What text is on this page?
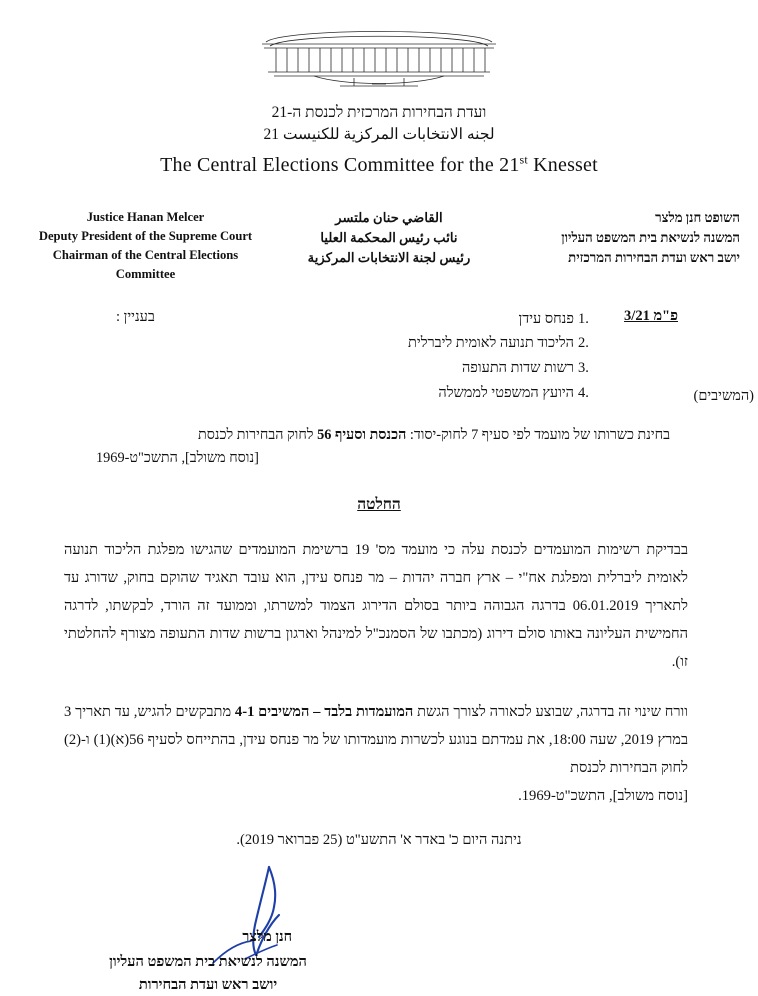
ועדת הבחירות המרכזית לכנסת ה-21
لجنه الانتخابات المركزية للكنيست 21
The Central Elections Committee for the 21st Knesset
השופט חנן מלצר
המשנה לנשיאת בית המשפט העליון
יושב ראש ועדת הבחירות המרכזית
القاضي حنان ملتسر
نائب رئيس المحكمة العليا
رئيس لجنة الانتخابات المركزية
Justice Hanan Melcer
Deputy President of the Supreme Court
Chairman of the Central Elections
Committee
פ"מ 3/21
(המשיבים)
1.
פנחס עידן
2.
הליכוד תנועה לאומית ליברלית
3.
רשות שדות התעופה
4.
היועץ המשפטי לממשלה
בעניין :
בחינת כשרותו של מועמד לפי סעיף 7 לחוק-יסוד: הכנסת וסעיף 56 לחוק הבחירות לכנסת
[נוסח משולב], התשכ"ט-1969
החלטה
בבדיקת רשימות המועמדים לכנסת עלה כי מועמד מס' 19 ברשימת המועמדים שהגישו מפלגת הליכוד תנועה לאומית ליברלית ומפלגת אח"י – ארץ חברה יהדות – מר פנחס עידן, הוא עובד תאגיד שהוקם בחוק, שדורג עד לתאריך 06.01.2019 בדרגה הגבוהה ביותר בסולם הדירוג הצמוד למשרתו, וממועד זה הורד, לבקשתו, לדרגה החמישית העליונה באותו סולם דירוג (מכתבו של הסמנכ"ל למינהל וארגון ברשות שדות התעופה מצורף להחלטתי זו).
וורח שינוי זה בדרגה, שבוצע לכאורה לצורך הגשת המועמדות בלבד – המשיבים 4-1 מתבקשים להגיש, עד תאריך 3 במרץ 2019, שעה 18:00, את עמדתם בנוגע לכשרות מועמדותו של מר פנחס עידן, בהתייחס לסעיף 56(א)(1) ו-(2) לחוק הבחירות לכנסת
[נוסח משולב], התשכ"ט-1969.
ניתנה היום כ' באדר א' התשע"ט (25 פברואר 2019).
חנן מלצר
המשנה לנשיאת בית המשפט העליון
יושב ראש ועדת הבחירות
